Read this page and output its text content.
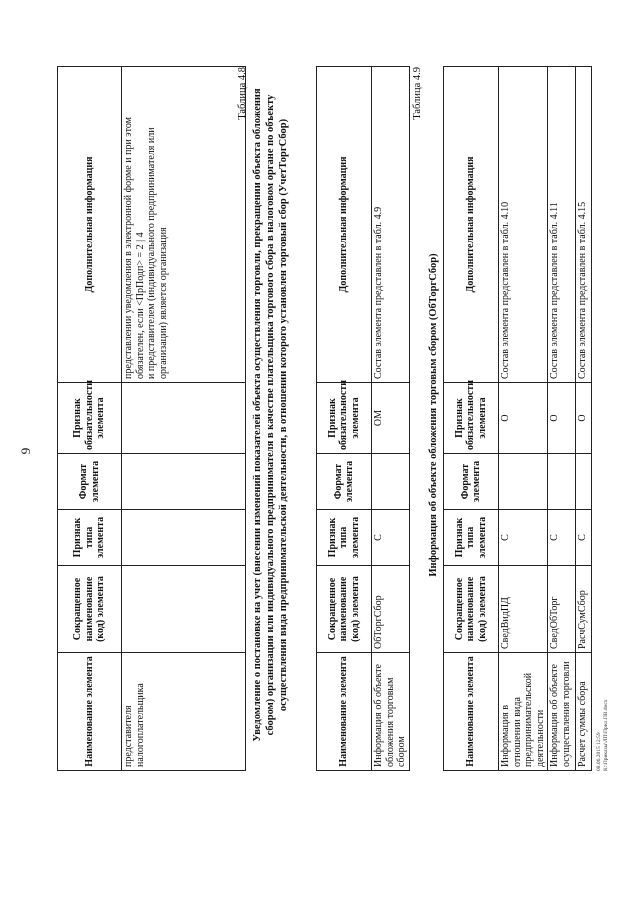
9
Наименование элемента	Сокращенное наименование (код) элемента	Признак типа элемента	Формат элемента	Признак обязательности элемента	Дополнительная информация
представителя налогоплательщика					представлении уведомления в электронной форме и при этом обязателен, если <ПрПодп> = 2 | 4
и представителем (индивидуального предпринимателя или организации) является организация
Таблица 4.8 Уведомление о постановке на учет (внесении изменений показателей объекта осуществления торговли, прекращении объекта обложения сбором) организации или индивидуального предпринимателя в качестве плательщика торгового сбора в налоговом органе по объекту осуществления вида предпринимательской деятельности, в отношении которого установлен торговый сбор (УчетТоргСбор)
Наименование элемента	Сокращенное наименование (код) элемента	Признак типа элемента	Формат элемента	Признак обязательности элемента	Дополнительная информация
Информация об объекте обложения торговым сбором	ОбТоргСбор	С		ОМ	Состав элемента представлен в табл. 4.9
Таблица 4.9
Информация об объекте обложения торговым сбором (ОбТоргСбор)
Наименование элемента	Сокращенное наименование (код) элемента	Признак типа элемента	Формат элемента	Признак обязательности элемента	Дополнительная информация
Информация в отношении вида предпринимательской деятельности	СведВидПД	С		О	Состав элемента представлен в табл. 4.10
Информация об объекте осуществления торговли	СведОбТорг	С		О	Состав элемента представлен в табл. 4.11
Расчет суммы сбора	РасчСумСбор	С		О	Состав элемента представлен в табл. 4.15
08.06.2015 12:59 К:\Приказы\ЛП\Прил.ПВ.docx
